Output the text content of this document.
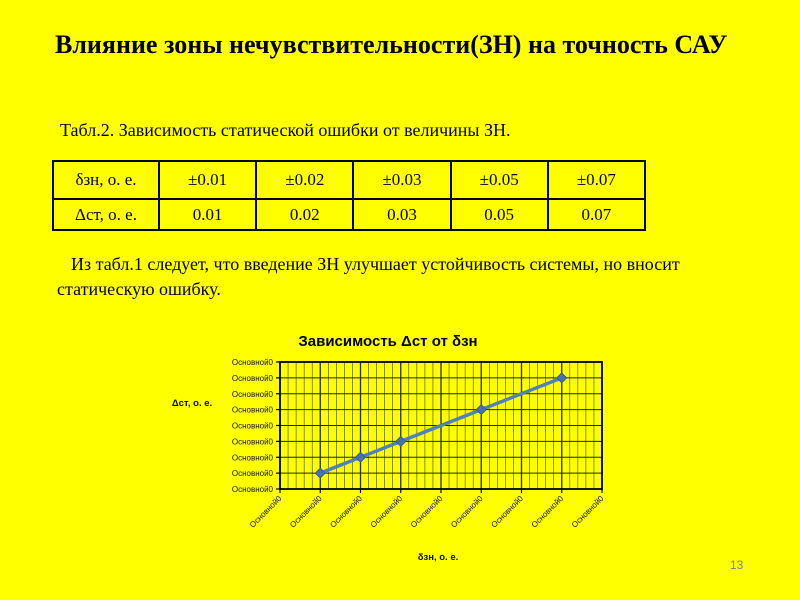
Влияние зоны нечувствительности(ЗН) на точность САУ
Табл.2. Зависимость статической ошибки от величины ЗН.
δзн, о. е.	±0.01	±0.02	±0.03	±0.05	±0.07
Δст, о. е.	0.01	0.02	0.03	0.05	0.07
Из табл.1 следует, что введение ЗН улучшает устойчивость системы, но вносит статическую ошибку.
Основной0 Основной0 Основной0 Основной0 Основной0 Основной0 Основной0 Основной0 Основной0
Основной0
Основной0
Основной0
Основной0
Основной0
Основной0
Основной0
Основной0
Основной0
Зависимость Δст от δзн
Δст, о. е.
δзн, о. е.
13
